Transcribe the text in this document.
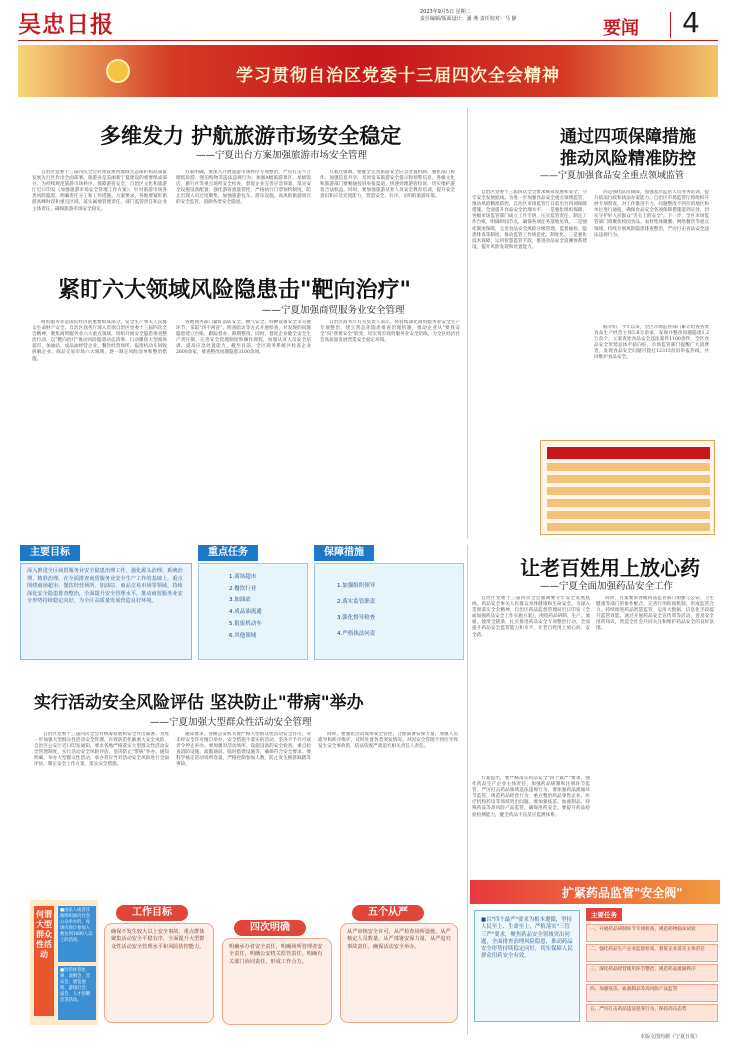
吴忠日报	2023年9月5日 星期二
责任编辑/版面设计：潘 燕 责任校对：马 静	要闻	4
学习贯彻自治区党委十三届四次全会精神
多维发力 护航旅游市场安全稳定
——宁夏出台方案加强旅游市场安全管理

自治区党委十三届四次全会对建设黄河流域生态保护和高质量发展先行区作出全面部署。旅游业是美丽新宁夏建设的重要组成部分，为持续规范旅游市场秩序、保障游客安全，自治区文化和旅游厅近日印发《加强旅游市场安全管理工作方案》，针对旅游市场各类风险隐患，明确责任分工和工作措施。方案要求，各地要紧盯旅游高峰时段和重点区域，落实属地管理责任、部门监管责任和企业主体责任，确保旅游市场安全稳定。

方案明确，要深入开展旅游市场秩序专项整治，严厉打击不合理低价游、强迫购物等违法违规行为；加强A级旅游景区、星级饭店、旅行社等重点场所安全检查，督促企业完善应急预案，落实安全设施设备配置；强化游客流量管控，严格执行门票预约制度，防止出现人员过度聚集；加强旅游包车、游乐设施、高风险旅游项目的安全监管，消除各类安全隐患。

方案还强调，要健全完善旅游安全应急处置机制，强化部门协作，加强信息共享，及时发布旅游安全提示和预警信息。各级文化和旅游部门要畅通投诉举报渠道，快速处理游客投诉，切实维护游客合法权益。同时，要加强旅游从业人员安全教育培训，提升安全意识和应急处置能力，营造安全、有序、文明的旅游环境。

通过四项保障措施
推动风险精准防控
——宁夏加强食品安全重点领域监管

自治区党委十三届四次全会要求统筹发展和安全，守牢安全发展底线。为进一步加强食品安全重点领域监管，推动风险精准防控，自治区市场监管厅日前出台四项保障措施，全面提升食品安全治理水平。一是强化组织保障，各级市场监管部门成立工作专班，压实监管责任，制定工作台账，明确时间节点，确保各项任务落地见效。二是强化制度保障，完善食品安全风险分级管理、监督抽检、隐患排查等制度，推动监管工作规范化、制度化。三是强化技术保障，运用智慧监管手段，推进食品安全追溯体系建设，提升风险发现和处置能力。

四是强化队伍保障，加强基层监管人员业务培训，提升依法行政和执法办案能力。自治区市场监管厅将组织开展专项督查，对工作推进不力、问题整改不到位的地区和单位进行通报，确保食品安全各项保障措施落到实处，切实守护好人民群众"舌尖上的安全"。下一步，全区市场监管部门将聚焦校园食品、农村集体聚餐、网络餐饮等重点领域，持续开展风险隐患排查整治，严厉打击食品安全违法违规行为。

据介绍，今年以来，全区市场监管部门累计检查各类食品生产经营主体5.8万余家，发现并整改问题隐患1.2万余个，立案查处食品安全违法案件1100余件，全区食品安全形势总体平稳向好。市场监管部门提醒广大消费者，发现食品安全问题可拨打12315投诉举报热线，共同维护食品安全。

紧盯六大领域风险隐患击"靶向治疗"
——宁夏加强商贸服务业安全管理

商贸服务业是国民经济的重要组成部分，安全生产事关人民群众生命财产安全。自治区商务厅深入贯彻自治区党委十三届四次全会精神，聚焦商贸服务业六大重点领域，组织开展安全隐患排查整治行动，以"靶向治疗"推动风险隐患动态清零。行动聚焦大型商场超市、加油站、成品油经营企业、餐饮经营场所、报废机动车回收拆解企业、商品交易市场六大领域，逐一制定风险清单和整治措施。

各地商务部门紧盯消防安全、燃气安全、特种设备安全等关键环节，采取"四不两直"、明查暗访等方式开展检查，对发现的问题隐患建立台账、跟踪督办、限期整改。同时，督促企业健全安全生产责任制，完善安全管理制度和操作规程，加强从业人员安全培训，提高应急处置能力。截至目前，全区商务系统共检查企业2600余家，排查整改问题隐患3100余项。

自治区商务厅有关负责人表示，将持续深化商贸服务业安全生产专项整治，建立常态化隐患排查治理机制，推动企业从"要我安全"向"我要安全"转变，切实筑牢商贸服务业安全防线，为全区经济社会高质量发展营造安全稳定环境。

主要目标
深入推进全区商贸服务业安全隐患治理工作，强化源头治理、系统治理、精准治理，在全面排查商贸服务业安全生产工作的基础上，重点围绕商场超市、餐饮经营场所、加油站、商品交易市场等领域，持续深化安全隐患排查整治，全面提升安全管理水平，推动商贸服务业安全形势持续稳定向好，为全区高质量发展营造良好环境。
重点任务
1.商场超市
2.餐饮行业
3.加油站
4.成品油流通
5.报废机动车
6.其他领域
保障措施
1.加强组织领导
2.落实监管职责
3.强化督导检查
4.严格执法问责
实行活动安全风险评估 坚决防止"带病"举办
——宁夏加强大型群众性活动安全管理

自治区党委十三届四次全会对统筹发展和安全作出部署。为进一步加强大型群众性活动安全管理，有效防范化解重大安全风险，自治区公安厅近日印发通知，要求各地严格落实大型群众性活动安全管理制度，实行活动安全风险评估，坚决防止"带病"举办。通知明确，举办大型群众性活动，承办者应当对活动安全风险进行全面评估，制定安全工作方案，落实安全措施。

通知要求，各级公安机关要严格大型群众性活动安全许可，对未经安全许可擅自举办、安全措施不落实的活动，坚决不予许可或责令停止举办。要加强对活动场所、设施设备的安全检查，重点检查消防设施、疏散通道、临时搭建设施等，确保符合安全要求。要科学核定活动场所容量，严格控制参加人数，防止发生拥挤踩踏等事故。

同时，要强化活动现场安全管控，合理部署安保力量，加强人员疏导和秩序维护，及时处置各类突发情况。对因安全管理不到位导致发生安全事故的，依法依规严肃追究相关责任人责任。

何谓大型群众性活动
■由法人或者其他组织面向社会公众举办的，每场次预计参加人数达到1000人以上的活动。
■包括体育比赛、演唱会、音乐会、展览展销、游园灯会、庙会、人才招聘会等活动。
工作目标
确保不发生较大以上安全事故，重点群体聚集活动安全平稳有序，全面提升大型群众性活动安全管理水平和风险防控能力。
四次明确
明确承办者安全责任，明确场所管理者安全责任，明确公安机关监管责任，明确有关部门协同责任，形成工作合力。
五个从严
从严审核安全许可，从严检查场所设施，从严核定人员数量，从严部署安保力量，从严追究事故责任，确保活动安全举办。
让老百姓用上放心药
——宁夏全面加强药品安全工作

自治区党委十三届四次全会强调要守牢安全发展底线。药品安全事关人民群众身体健康和生命安全。为深入贯彻落实全会精神，自治区药品监督管理局近日印发《全面加强药品安全工作实施方案》，围绕药品研制、生产、流通、使用全链条，扎实推进药品安全专项整治行动，全面提升药品安全监管能力和水平，让老百姓用上放心药、安全药。

方案提出，要严格落实药品安全"四个最严"要求，强化药品生产企业主体责任，加强药品研制和注册环节监管，严厉打击药品领域违法违规行为。要加强药品流通环节监管，规范药品经营行为，重点整治药品零售企业、医疗机构药房等领域突出问题。要加强疫苗、血液制品、特殊药品等高风险产品监管，确保用药安全。要提升药品检验检测能力，健全药品不良反应监测体系。

同时，方案要求各级药品监管部门加强与公安、卫生健康等部门的协作配合，完善行刑衔接机制，形成监管合力。持续推进药品智慧监管，运用大数据、信息化手段提升监管效能。通过开展药品安全宣传周等活动，普及安全用药知识，营造全社会共同关注和维护药品安全的良好氛围。

扩紧药品监管"安全阀"
■以"四个最严"要求为根本遵循，坚持人民至上、生命至上，严格落实"三管三严"要求，聚焦药品安全领域突出问题，全面排查治理风险隐患，推动药品安全形势持续稳定向好，切实保障人民群众用药安全有效。
主要任务
一、开展药品研制环节专项检查，规范药物临床试验
二、强化药品生产企业监督检查，督促企业落实主体责任
三、深化药品经营使用环节整治，规范药品流通秩序
四、加强疫苗、血液制品等高风险产品监管
五、严厉打击药品违法犯罪行为，保持高压态势
本版文图均据《宁夏日报》
